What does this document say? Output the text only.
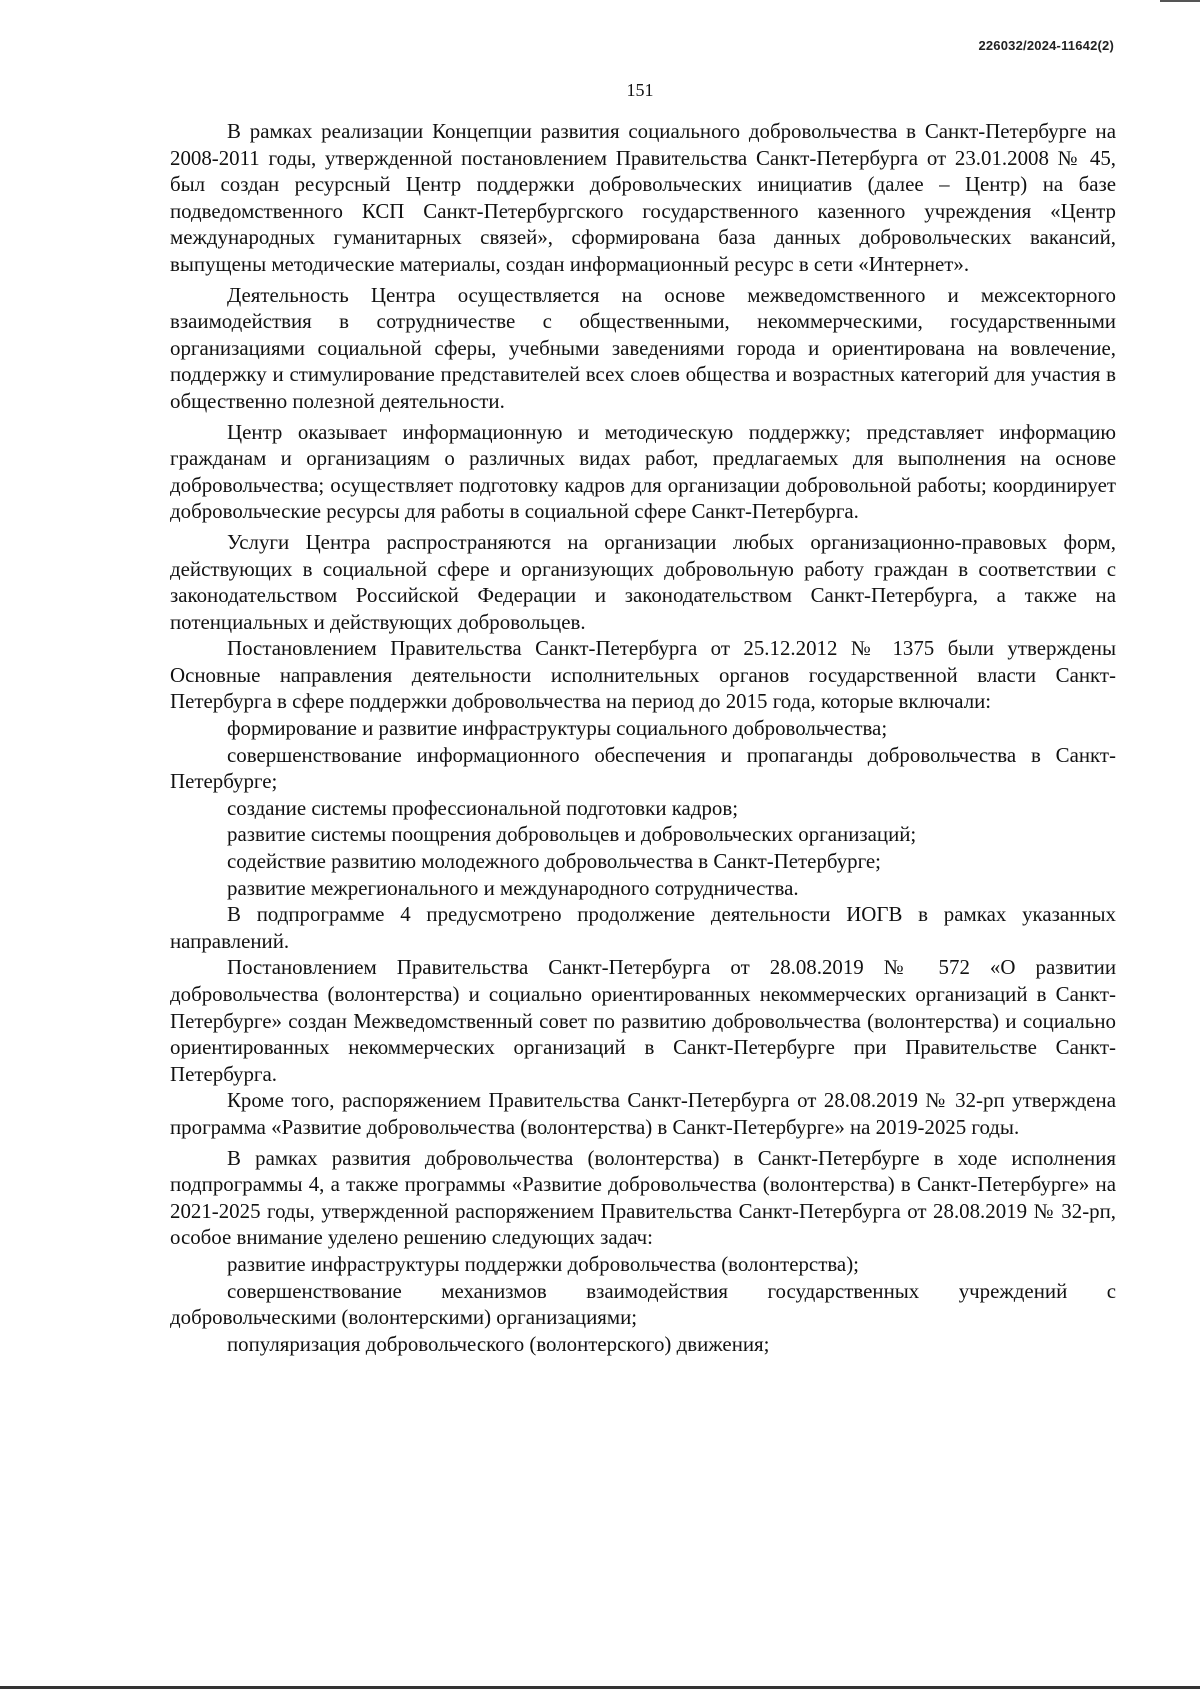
226032/2024-11642(2)
151

В рамках реализации Концепции развития социального добровольчества в Санкт-Петербурге на 2008-2011 годы, утвержденной постановлением Правительства Санкт-Петербурга от 23.01.2008 № 45, был создан ресурсный Центр поддержки добровольческих инициатив (далее – Центр) на базе подведомственного КСП Санкт-Петербургского государственного казенного учреждения «Центр международных гуманитарных связей», сформирована база данных добровольческих вакансий, выпущены методические материалы, создан информационный ресурс в сети «Интернет».

Деятельность Центра осуществляется на основе межведомственного и межсекторного взаимодействия в сотрудничестве с общественными, некоммерческими, государственными организациями социальной сферы, учебными заведениями города и ориентирована на вовлечение, поддержку и стимулирование представителей всех слоев общества и возрастных категорий для участия в общественно полезной деятельности.

Центр оказывает информационную и методическую поддержку; представляет информацию гражданам и организациям о различных видах работ, предлагаемых для выполнения на основе добровольчества; осуществляет подготовку кадров для организации добровольной работы; координирует добровольческие ресурсы для работы в социальной сфере Санкт-Петербурга.

Услуги Центра распространяются на организации любых организационно-правовых форм, действующих в социальной сфере и организующих добровольную работу граждан в соответствии с законодательством Российской Федерации и законодательством Санкт-Петербурга, а также на потенциальных и действующих добровольцев.

Постановлением Правительства Санкт-Петербурга от 25.12.2012 № 1375 были утверждены Основные направления деятельности исполнительных органов государственной власти Санкт-Петербурга в сфере поддержки добровольчества на период до 2015 года, которые включали:

формирование и развитие инфраструктуры социального добровольчества;

совершенствование информационного обеспечения и пропаганды добровольчества в Санкт-Петербурге;

создание системы профессиональной подготовки кадров;

развитие системы поощрения добровольцев и добровольческих организаций;

содействие развитию молодежного добровольчества в Санкт-Петербурге;

развитие межрегионального и международного сотрудничества.

В подпрограмме 4 предусмотрено продолжение деятельности ИОГВ в рамках указанных направлений.

Постановлением Правительства Санкт-Петербурга от 28.08.2019 № 572 «О развитии добровольчества (волонтерства) и социально ориентированных некоммерческих организаций в Санкт-Петербурге» создан Межведомственный совет по развитию добровольчества (волонтерства) и социально ориентированных некоммерческих организаций в Санкт-Петербурге при Правительстве Санкт-Петербурга.

Кроме того, распоряжением Правительства Санкт-Петербурга от 28.08.2019 № 32-рп утверждена программа «Развитие добровольчества (волонтерства) в Санкт-Петербурге» на 2019-2025 годы.

В рамках развития добровольчества (волонтерства) в Санкт-Петербурге в ходе исполнения подпрограммы 4, а также программы «Развитие добровольчества (волонтерства) в Санкт-Петербурге» на 2021-2025 годы, утвержденной распоряжением Правительства Санкт-Петербурга от 28.08.2019 № 32-рп, особое внимание уделено решению следующих задач:

развитие инфраструктуры поддержки добровольчества (волонтерства);

совершенствование механизмов взаимодействия государственных учреждений с добровольческими (волонтерскими) организациями;

популяризация добровольческого (волонтерского) движения;
